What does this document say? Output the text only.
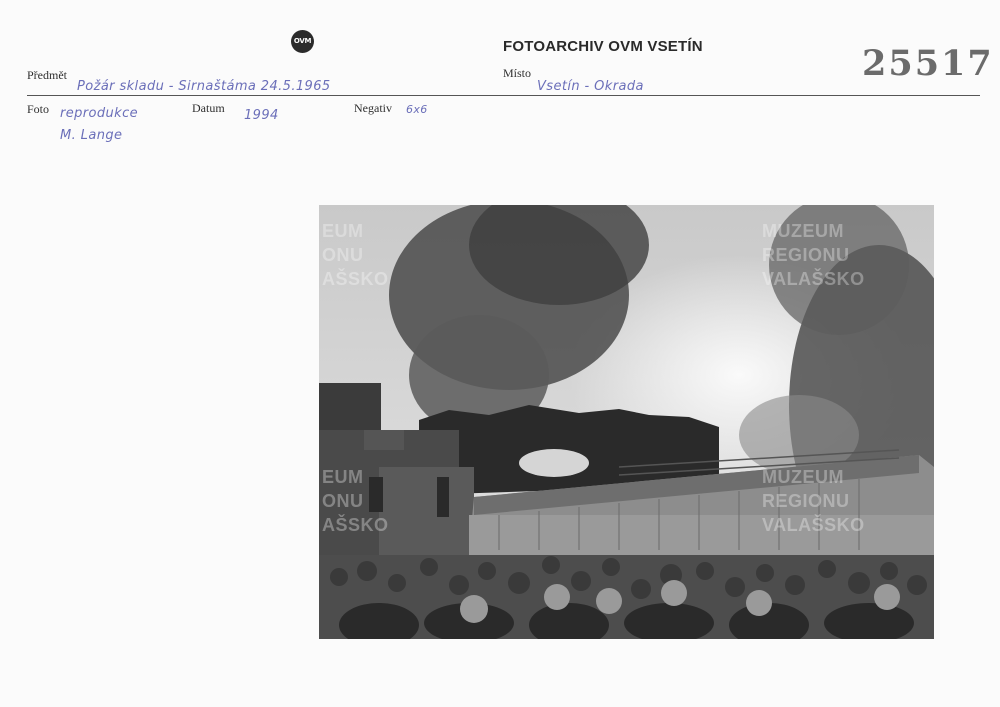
OVM	FOTOARCHIV OVM VSETÍN	25517
Předmět
Požár skladu - Sirnaštáma 24.5.1965
Místo
Vsetín - Okrada
Foto reprodukce
M. Lange
Datum 1994	Negativ 6x6
EUM
ONU
AŠSKO
MUZEUM
REGIONU
VALAŠSKO
EUM
ONU
AŠSKO
MUZEUM
REGIONU
VALAŠSKO
